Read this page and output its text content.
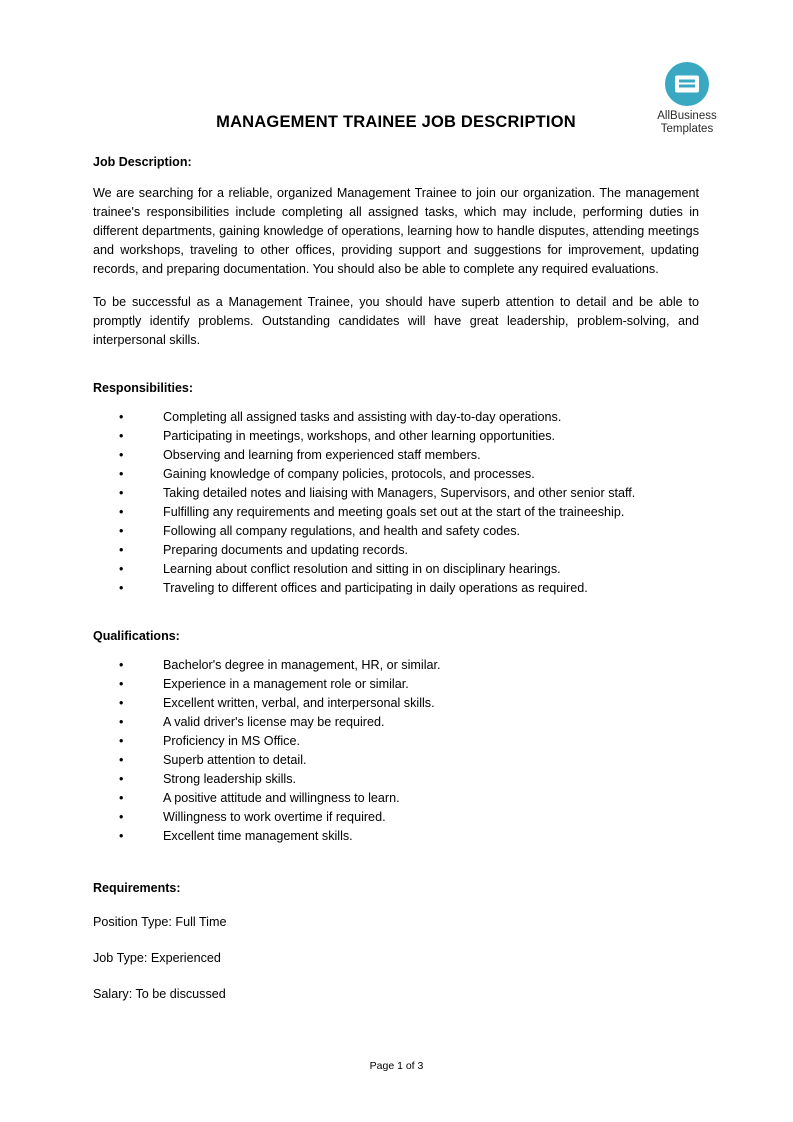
AllBusiness
Templates
MANAGEMENT TRAINEE JOB DESCRIPTION
Job Description:

We are searching for a reliable, organized Management Trainee to join our organization. The management trainee's responsibilities include completing all assigned tasks, which may include, performing duties in different departments, gaining knowledge of operations, learning how to handle disputes, attending meetings and workshops, traveling to other offices, providing support and suggestions for improvement, updating records, and preparing documentation. You should also be able to complete any required evaluations.

To be successful as a Management Trainee, you should have superb attention to detail and be able to promptly identify problems. Outstanding candidates will have great leadership, problem-solving, and interpersonal skills.

Responsibilities:
• Completing all assigned tasks and assisting with day-to-day operations.
• Participating in meetings, workshops, and other learning opportunities.
• Observing and learning from experienced staff members.
• Gaining knowledge of company policies, protocols, and processes.
• Taking detailed notes and liaising with Managers, Supervisors, and other senior staff.
• Fulfilling any requirements and meeting goals set out at the start of the traineeship.
• Following all company regulations, and health and safety codes.
• Preparing documents and updating records.
• Learning about conflict resolution and sitting in on disciplinary hearings.
• Traveling to different offices and participating in daily operations as required.
Qualifications:
• Bachelor's degree in management, HR, or similar.
• Experience in a management role or similar.
• Excellent written, verbal, and interpersonal skills.
• A valid driver's license may be required.
• Proficiency in MS Office.
• Superb attention to detail.
• Strong leadership skills.
• A positive attitude and willingness to learn.
• Willingness to work overtime if required.
• Excellent time management skills.
Requirements:
Position Type: Full Time
Job Type: Experienced
Salary: To be discussed
Page 1 of 3
